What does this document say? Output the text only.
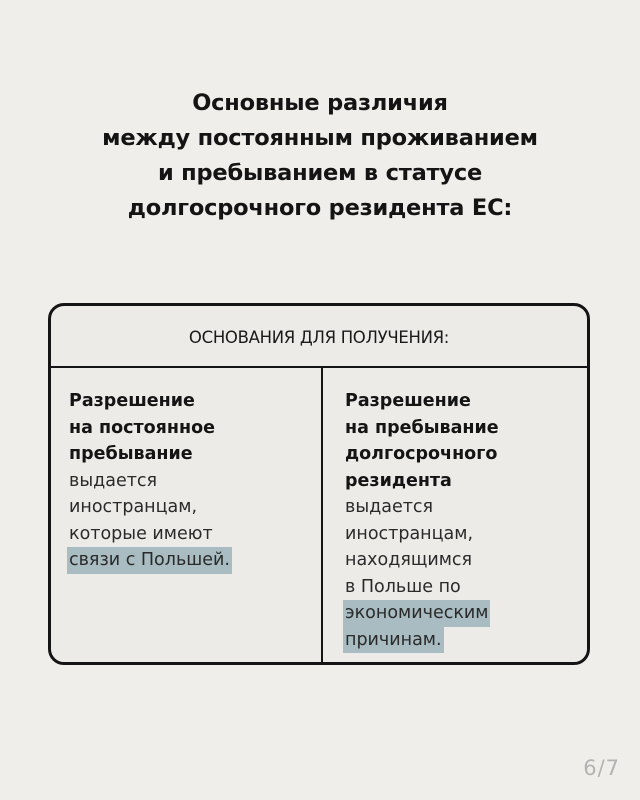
Основные различия
между постоянным проживанием
и пребыванием в статусе
долгосрочного резидента ЕС:
ОСНОВАНИЯ ДЛЯ ПОЛУЧЕНИЯ:
Разрешение
на постоянное
пребывание
выдается
иностранцам,
которые имеют
связи с Польшей.
Разрешение
на пребывание
долгосрочного
резидента
выдается
иностранцам,
находящимся
в Польше по
экономическим
причинам.
6/7
